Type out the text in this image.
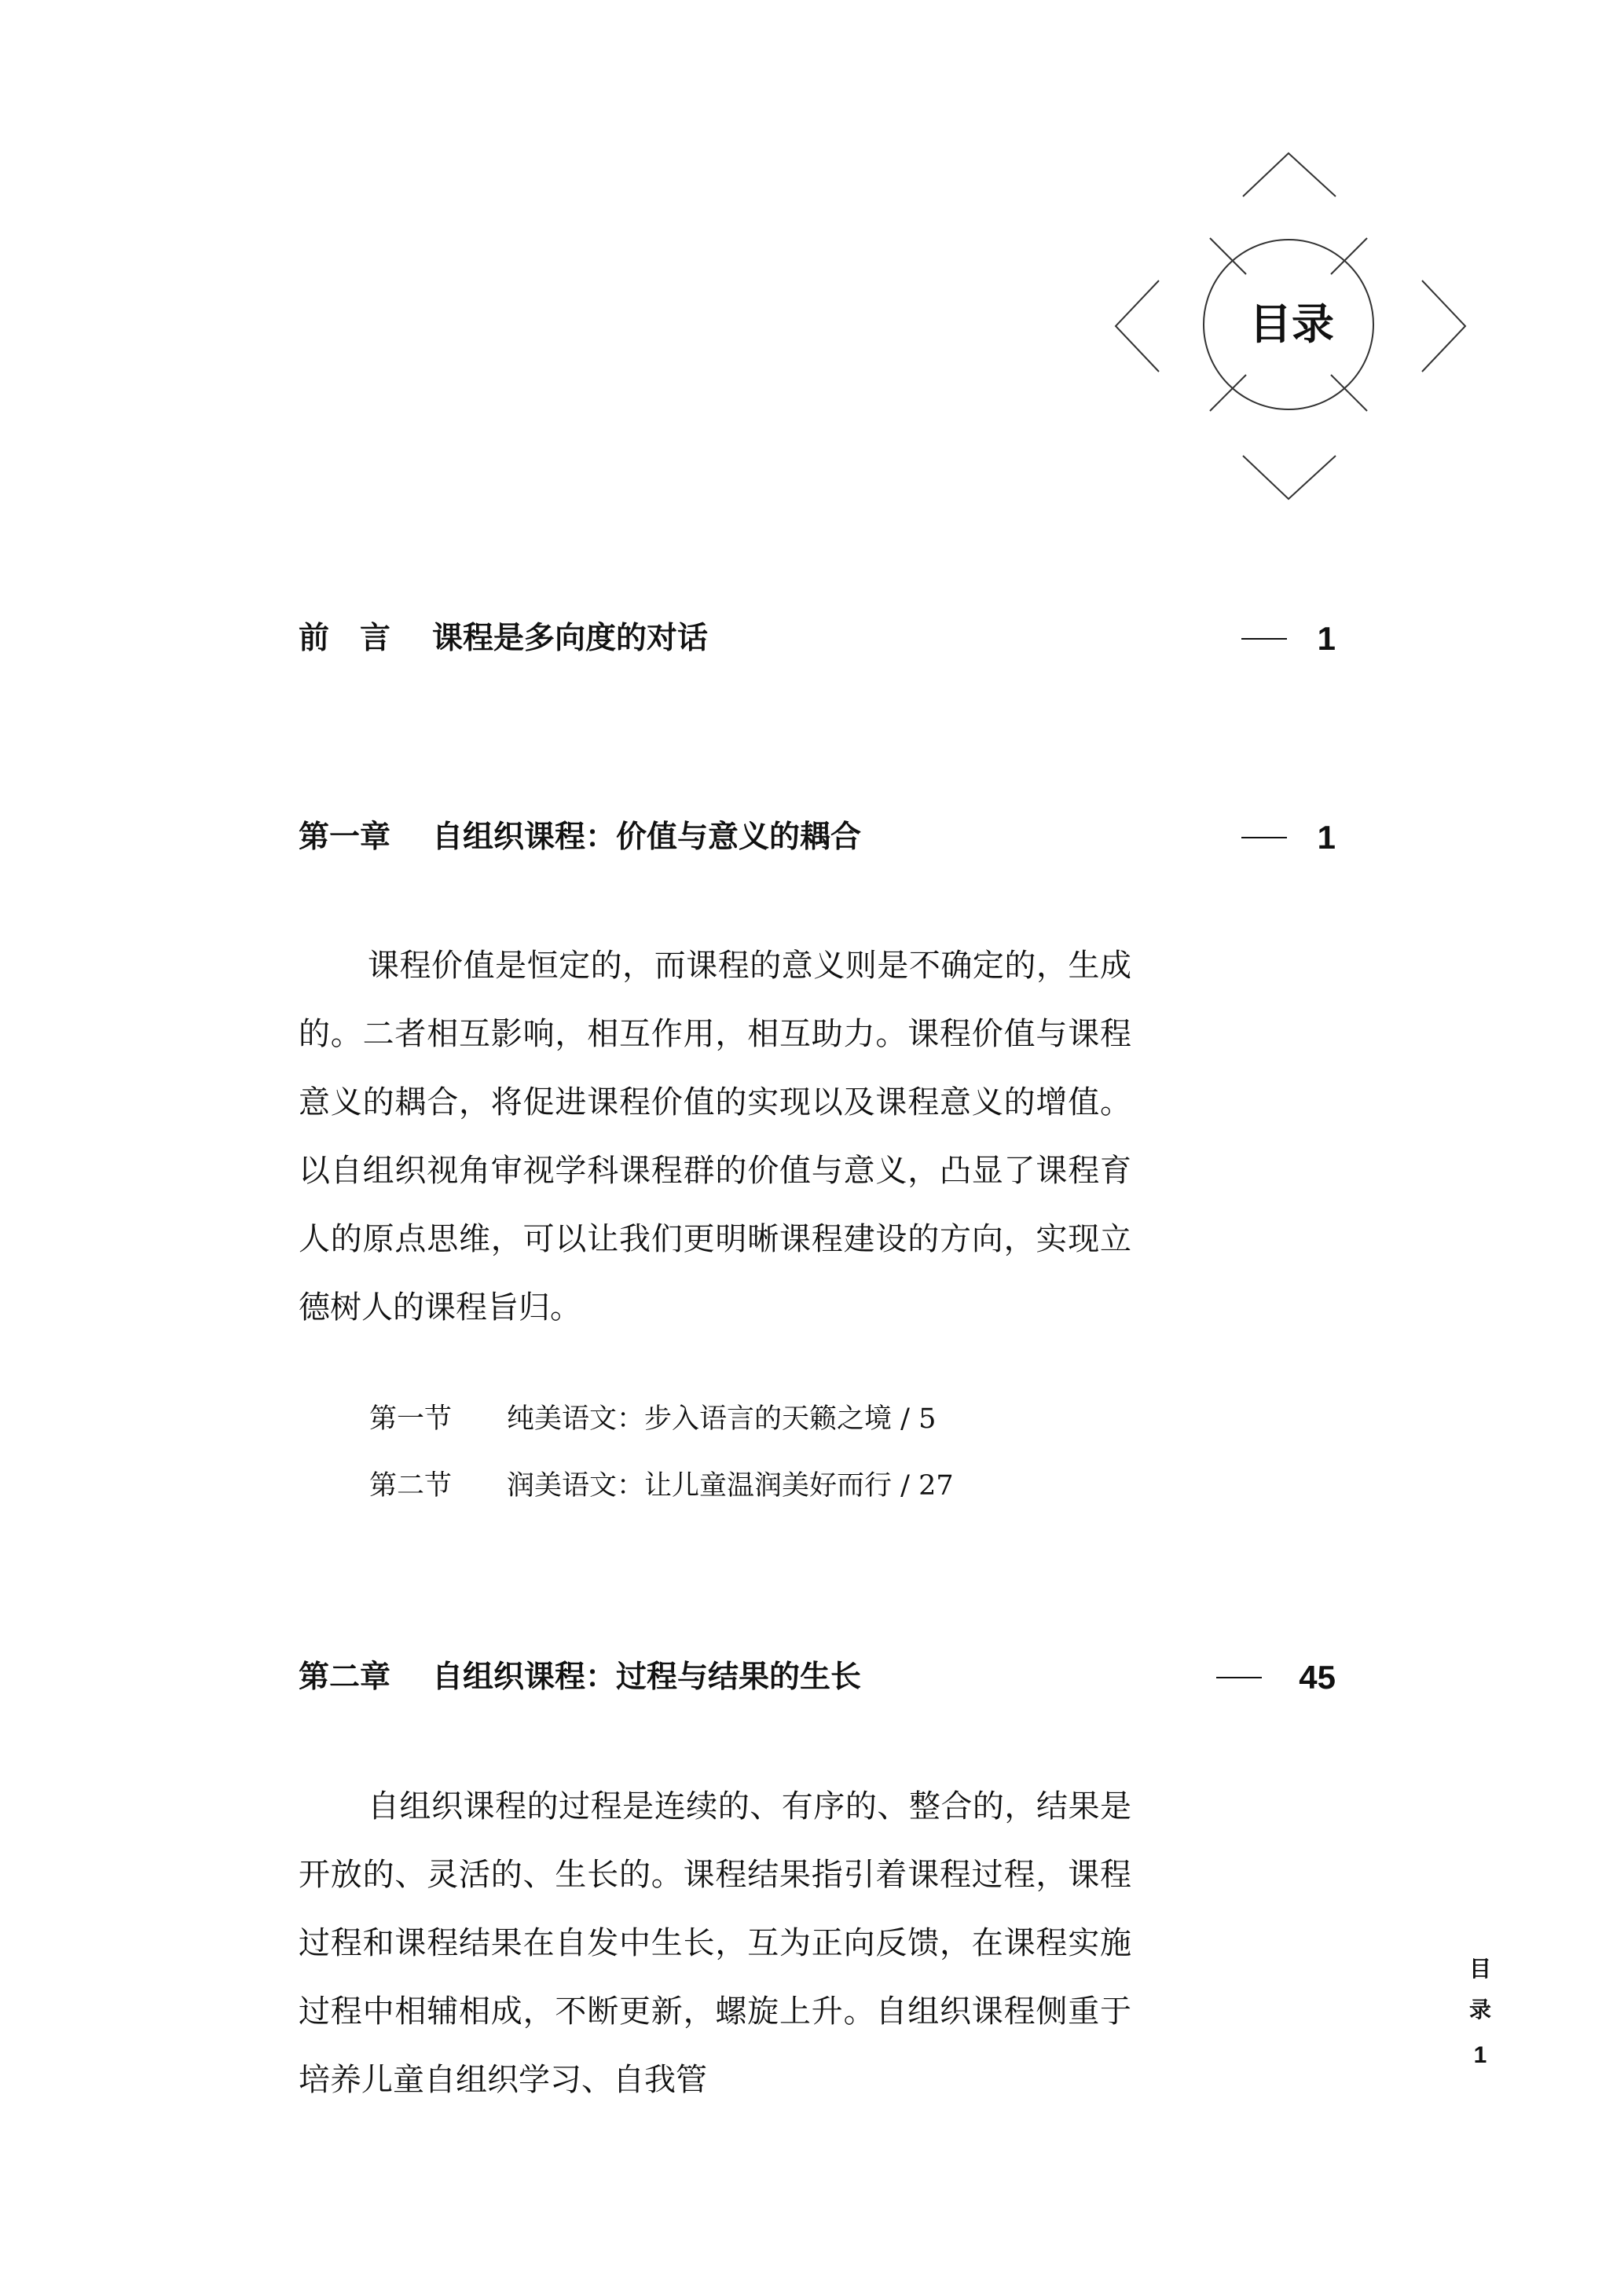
目录
前　言 课程是多向度的对话	1
第一章 自组织课程：价值与意义的耦合	1

课程价值是恒定的，而课程的意义则是不确定的，生成的。二者相互影响，相互作用，相互助力。课程价值与课程意义的耦合，将促进课程价值的实现以及课程意义的增值。以自组织视角审视学科课程群的价值与意义，凸显了课程育人的原点思维，可以让我们更明晰课程建设的方向，实现立德树人的课程旨归。

第一节　　 纯美语文：步入语言的天籁之境 / 5
第二节　　 润美语文：让儿童温润美好而行 / 27
第二章 自组织课程：过程与结果的生长	45

自组织课程的过程是连续的、有序的、整合的，结果是开放的、灵活的、生长的。课程结果指引着课程过程，课程过程和课程结果在自发中生长，互为正向反馈，在课程实施过程中相辅相成，不断更新，螺旋上升。自组织课程侧重于培养儿童自组织学习、自我管

目
录
1
